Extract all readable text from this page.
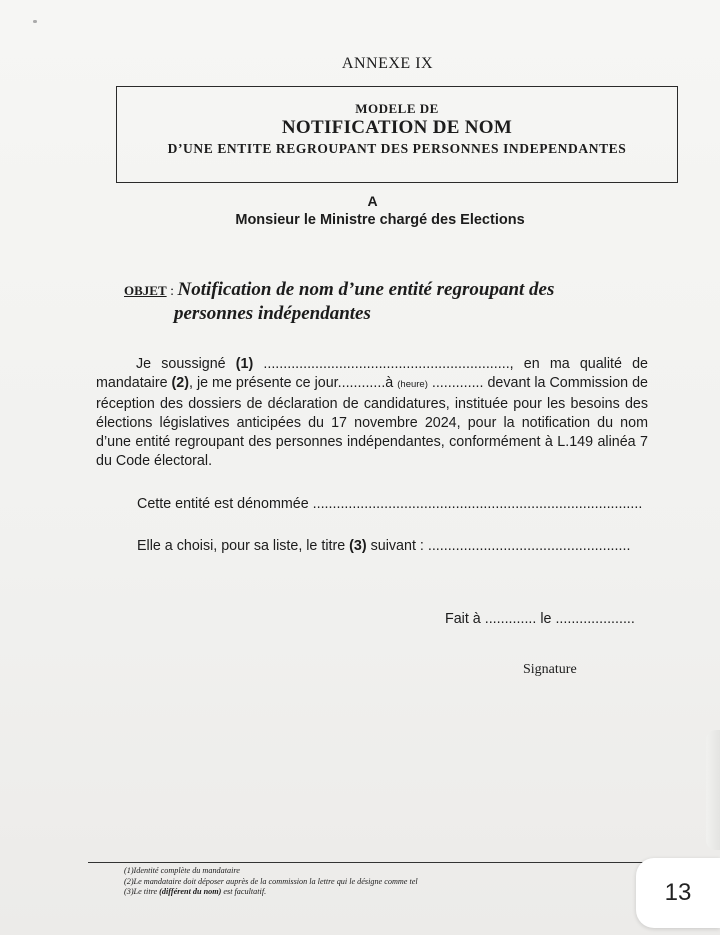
ANNEXE IX
MODELE DE
NOTIFICATION DE NOM
D’UNE ENTITE REGROUPANT DES PERSONNES INDEPENDANTES
A
Monsieur le Ministre chargé des Elections
OBJET : Notification de nom d’une entité regroupant des
personnes indépendantes
Je soussigné (1) .............................................................., en ma qualité de mandataire (2), je me présente ce jour............à (heure) ............. devant la Commission de réception des dossiers de déclaration de candidatures, instituée pour les besoins des élections législatives anticipées du 17 novembre 2024, pour la notification du nom d’une entité regroupant des personnes indépendantes, conformément à L.149 alinéa 7 du Code électoral.
Cette entité est dénommée ...................................................................................
Elle a choisi, pour sa liste, le titre (3) suivant : ...................................................
Fait à ............. le ....................
Signature
(1)Identité complète du mandataire
(2)Le mandataire doit déposer auprès de la commission la lettre qui le désigne comme tel
(3)Le titre (différent du nom) est facultatif.	13
